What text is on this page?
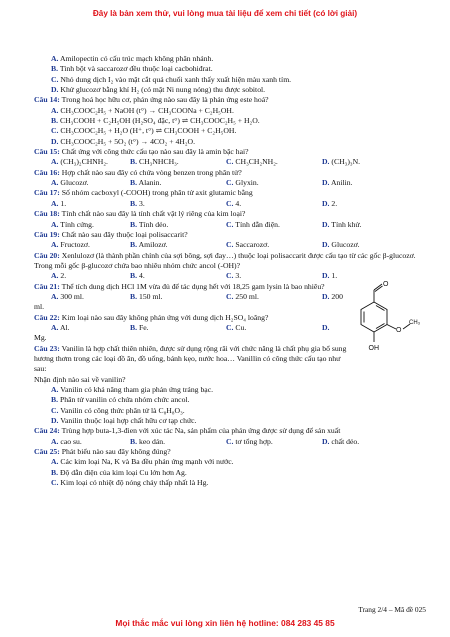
Đây là bản xem thử, vui lòng mua tài liệu để xem chi tiết (có lời giải)
A. Amilopectin có cấu trúc mạch không phân nhánh.
B. Tinh bột và saccarozơ đều thuộc loại cacbohiđrat.
C. Nhỏ dung dịch I₂ vào mặt cắt quả chuối xanh thấy xuất hiện màu xanh tím.
D. Khử glucozơ bằng khí H₂ (có mặt Ni nung nóng) thu được sobitol.
Câu 14: Trong hoá học hữu cơ, phản ứng nào sau đây là phản ứng este hoá?
A. CH₃COOC₂H₅ + NaOH (t°) → CH₃COONa + C₂H₅OH.
B. CH₃COOH + C₂H₅OH (H₂SO₄ đặc, t°) ⇌ CH₃COOC₂H₅ + H₂O.
C. CH₃COOC₂H₅ + H₂O (H⁺, t°) ⇌ CH₃COOH + C₂H₅OH.
D. CH₃COOC₂H₅ + 5O₂ (t°) → 4CO₂ + 4H₂O.
Câu 15: Chất ứng với công thức cấu tạo nào sau đây là amin bậc hai?
A. (CH₃)₂CHNH₂.	B. CH₃NHCH₃.	C. CH₃CH₂NH₂.	D. (CH₃)₃N.
Câu 16: Hợp chất nào sau đây có chứa vòng benzen trong phân tử?
A. Glucozơ.	B. Alanin.	C. Glyxin.	D. Anilin.
Câu 17: Số nhóm cacboxyl (-COOH) trong phân tử axit glutamic bằng
A. 1.	B. 3.	C. 4.	D. 2.
Câu 18: Tính chất nào sau đây là tính chất vật lý riêng của kim loại?
A. Tính cứng.	B. Tính dẻo.	C. Tính dẫn điện.	D. Tính khử.
Câu 19: Chất nào sau đây thuộc loại polisaccarit?
A. Fructozơ.	B. Amilozơ.	C. Saccarozơ.	D. Glucozơ.
Câu 20: Xenlulozơ (là thành phần chính của sợi bông, sợi đay…) thuộc loại polisaccarit được cấu tạo từ các gốc β-glucozơ. Trong mỗi gốc β-glucozơ chứa bao nhiêu nhóm chức ancol (-OH)?
A. 2.	B. 4.	C. 3.	D. 1.
Câu 21: Thể tích dung dịch HCl 1M vừa đủ để tác dụng hết với 18,25 gam lysin là bao nhiêu?
A. 300 ml.	B. 150 ml.	C. 250 ml.	D. 200
ml.
Câu 22: Kim loại nào sau đây không phản ứng với dung dịch H₂SO₄ loãng?
A. Al.	B. Fe.	C. Cu.	D.
Mg.
Câu 23: Vanilin là hợp chất thiên nhiên, được sử dụng rộng rãi với chức năng là chất phụ gia bổ sung hương thơm trong các loại đồ ăn, đồ uống, bánh kẹo, nước hoa… Vanillin có công thức cấu tạo như sau:
Nhận định nào sai về vanilin?
A. Vanilin có khả năng tham gia phản ứng tráng bạc.
B. Phân tử vanilin có chứa nhóm chức ancol.
C. Vanilin có công thức phân tử là C₈H₈O₃.
D. Vanilin thuộc loại hợp chất hữu cơ tạp chức.
Câu 24: Trùng hợp buta-1,3-đien với xúc tác Na, sản phẩm của phản ứng được sử dụng để sản xuất
A. cao su.	B. keo dán.	C. tơ tổng hợp.	D. chất dẻo.
Câu 25: Phát biểu nào sau đây không đúng?
A. Các kim loại Na, K và Ba đều phản ứng mạnh với nước.
B. Độ dẫn điện của kim loại Cu lớn hơn Ag.
C. Kim loại có nhiệt độ nóng chảy thấp nhất là Hg.
O
O
CH₃
OH
Trang 2/4 – Mã đề 025
Mọi thắc mắc vui lòng xin liên hệ hotline: 084 283 45 85
